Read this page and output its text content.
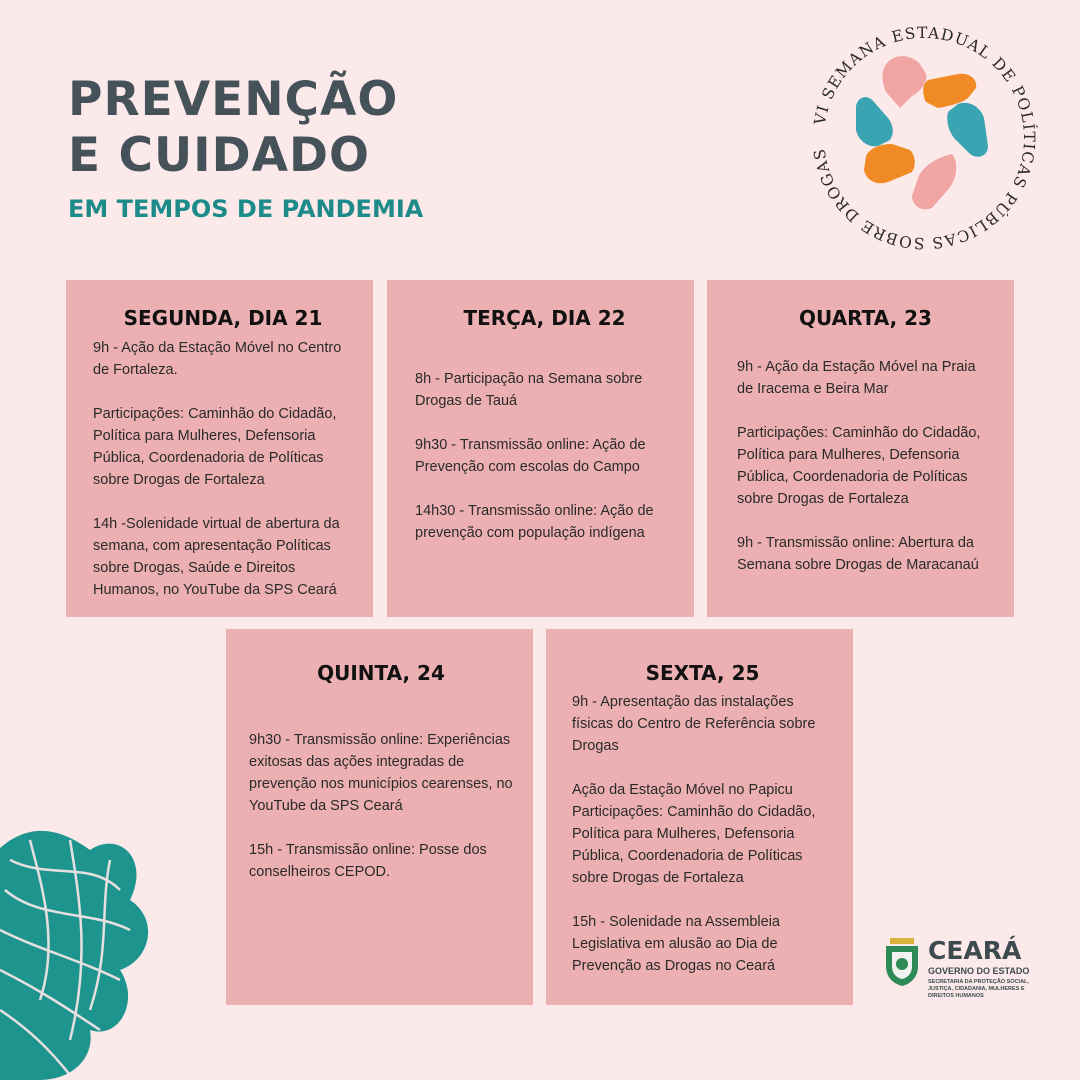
PREVENÇÃO
E CUIDADO
EM TEMPOS DE PANDEMIA
VI SEMANA ESTADUAL DE POLÍTICAS PÚBLICAS SOBRE DROGAS
SEGUNDA, DIA 21

9h - Ação da Estação Móvel no Centro de Fortaleza.

Participações: Caminhão do Cidadão, Política para Mulheres, Defensoria Pública, Coordenadoria de Políticas sobre Drogas de Fortaleza

14h -Solenidade virtual de abertura da semana, com apresentação Políticas sobre Drogas, Saúde e Direitos Humanos, no YouTube da SPS Ceará

TERÇA, DIA 22

8h - Participação na Semana sobre Drogas de Tauá

9h30 - Transmissão online: Ação de Prevenção com escolas do Campo

14h30 - Transmissão online: Ação de prevenção com população indígena

QUARTA, 23

9h - Ação da Estação Móvel na Praia de Iracema e Beira Mar

Participações: Caminhão do Cidadão, Política para Mulheres, Defensoria Pública, Coordenadoria de Políticas sobre Drogas de Fortaleza

9h - Transmissão online: Abertura da Semana sobre Drogas de Maracanaú

QUINTA, 24

9h30 - Transmissão online: Experiências exitosas das ações integradas de prevenção nos municípios cearenses, no YouTube da SPS Ceará

15h - Transmissão online: Posse dos conselheiros CEPOD.

SEXTA, 25

9h - Apresentação das instalações físicas do Centro de Referência sobre Drogas

Ação da Estação Móvel no Papicu Participações: Caminhão do Cidadão, Política para Mulheres, Defensoria Pública, Coordenadoria de Políticas sobre Drogas de Fortaleza

15h - Solenidade na Assembleia Legislativa em alusão ao Dia de Prevenção as Drogas no Ceará

CEARÁ
GOVERNO DO ESTADO
SECRETARIA DA PROTEÇÃO SOCIAL, JUSTIÇA, CIDADANIA, MULHERES E DIREITOS HUMANOS
